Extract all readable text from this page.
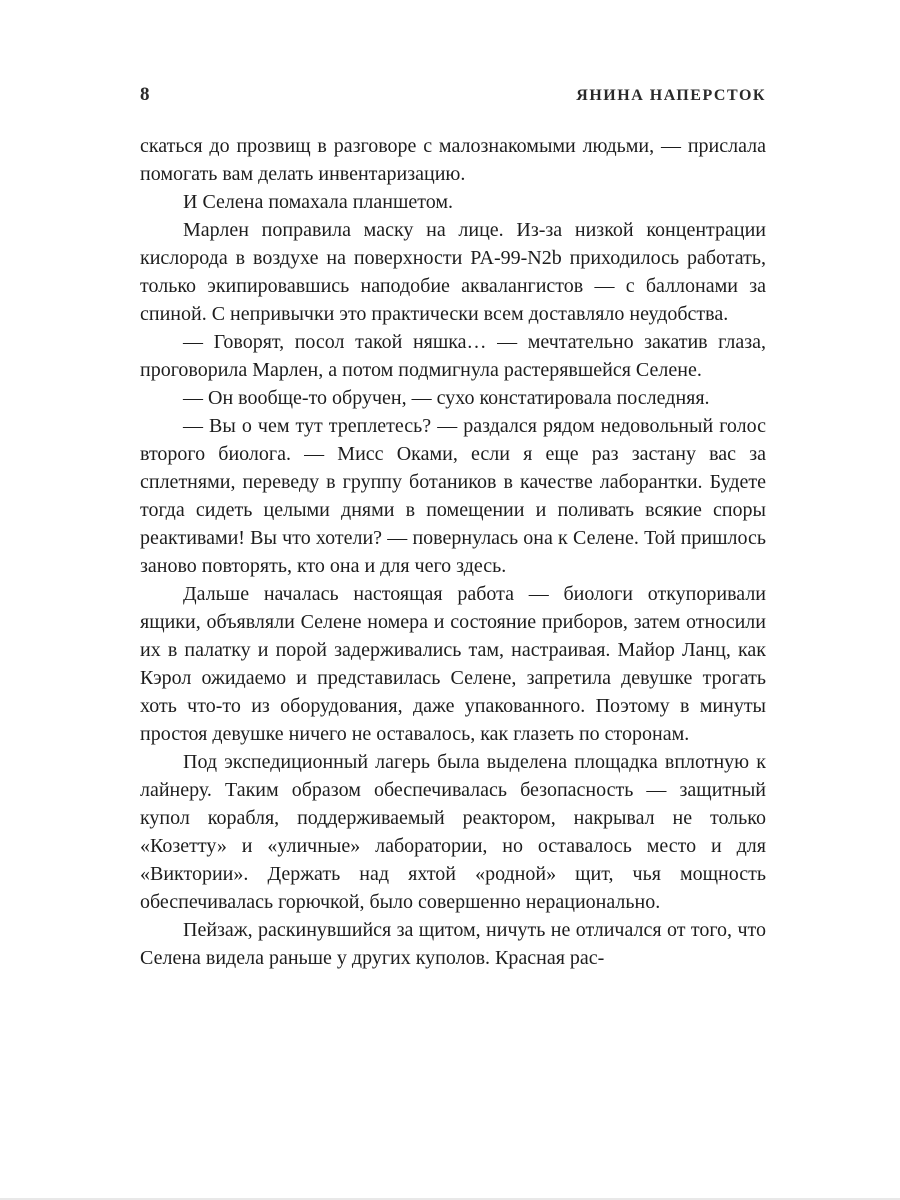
8	ЯНИНА НАПЕРСТОК

скаться до прозвищ в разговоре с малознакомыми людьми, — прислала помогать вам делать инвентаризацию.

И Селена помахала планшетом.

Марлен поправила маску на лице. Из-за низкой концентрации кислорода в воздухе на поверхности PA-99-N2b приходилось работать, только экипировавшись наподобие аквалангистов — с баллонами за спиной. С непривычки это практически всем доставляло неудобства.

— Говорят, посол такой няшка… — мечтательно закатив глаза, проговорила Марлен, а потом подмигнула растерявшейся Селене.

— Он вообще-то обручен, — сухо констатировала последняя.

— Вы о чем тут треплетесь? — раздался рядом недовольный голос второго биолога. — Мисс Оками, если я еще раз застану вас за сплетнями, переведу в группу ботаников в качестве лаборантки. Будете тогда сидеть целыми днями в помещении и поливать всякие споры реактивами! Вы что хотели? — повернулась она к Селене. Той пришлось заново повторять, кто она и для чего здесь.

Дальше началась настоящая работа — биологи откупоривали ящики, объявляли Селене номера и состояние приборов, затем относили их в палатку и порой задерживались там, настраивая. Майор Ланц, как Кэрол ожидаемо и представилась Селене, запретила девушке трогать хоть что-то из оборудования, даже упакованного. Поэтому в минуты простоя девушке ничего не оставалось, как глазеть по сторонам.

Под экспедиционный лагерь была выделена площадка вплотную к лайнеру. Таким образом обеспечивалась безопасность — защитный купол корабля, поддерживаемый реактором, накрывал не только «Козетту» и «уличные» лаборатории, но оставалось место и для «Виктории». Держать над яхтой «родной» щит, чья мощность обеспечивалась горючкой, было совершенно нерационально.

Пейзаж, раскинувшийся за щитом, ничуть не отличался от того, что Селена видела раньше у других куполов. Красная рас-
